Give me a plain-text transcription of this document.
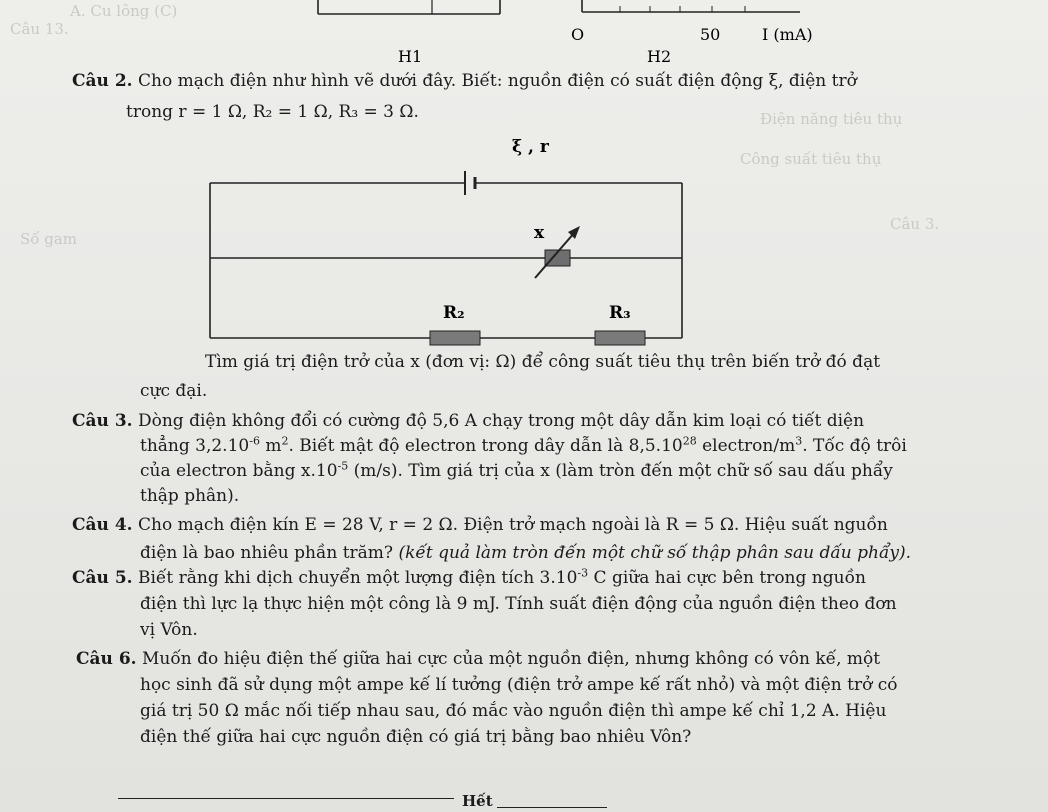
A. Cu lông (C)
Câu 13.
Điện năng tiêu thụ
Công suất tiêu thụ
Số gam
Câu 3.
O	50	I (mA)
H1	H2
Câu 2. Cho mạch điện như hình vẽ dưới đây. Biết: nguồn điện có suất điện động ξ, điện trở
trong r = 1 Ω, R₂ = 1 Ω, R₃ = 3 Ω.
ξ , r
x
R₂	R₃
Tìm giá trị điện trở của x (đơn vị: Ω) để công suất tiêu thụ trên biến trở đó đạt
cực đại.
Câu 3. Dòng điện không đổi có cường độ 5,6 A chạy trong một dây dẫn kim loại có tiết diện
thẳng $3,2.10^{-6}$ $m^2$. Biết mật độ electron trong dây dẫn là 8,5.10$^{28}$ electron/$m^3$. Tốc độ trôi
của electron bằng $x.10^{-5}$ (m/s). Tìm giá trị của x (làm tròn đến một chữ số sau dấu phẩy
thập phân).
Câu 4. Cho mạch điện kín E = 28 V, r = 2 Ω. Điện trở mạch ngoài là R = 5 Ω. Hiệu suất nguồn
điện là bao nhiêu phần trăm? (kết quả làm tròn đến một chữ số thập phân sau dấu phẩy).
Câu 5. Biết rằng khi dịch chuyển một lượng điện tích $3.10^{-3}$ C giữa hai cực bên trong nguồn
điện thì lực lạ thực hiện một công là 9 mJ. Tính suất điện động của nguồn điện theo đơn
vị Vôn.
Câu 6. Muốn đo hiệu điện thế giữa hai cực của một nguồn điện, nhưng không có vôn kế, một
học sinh đã sử dụng một ampe kế lí tưởng (điện trở ampe kế rất nhỏ) và một điện trở có
giá trị 50 Ω mắc nối tiếp nhau sau, đó mắc vào nguồn điện thì ampe kế chỉ 1,2 A. Hiệu
điện thế giữa hai cực nguồn điện có giá trị bằng bao nhiêu Vôn?
Hết
